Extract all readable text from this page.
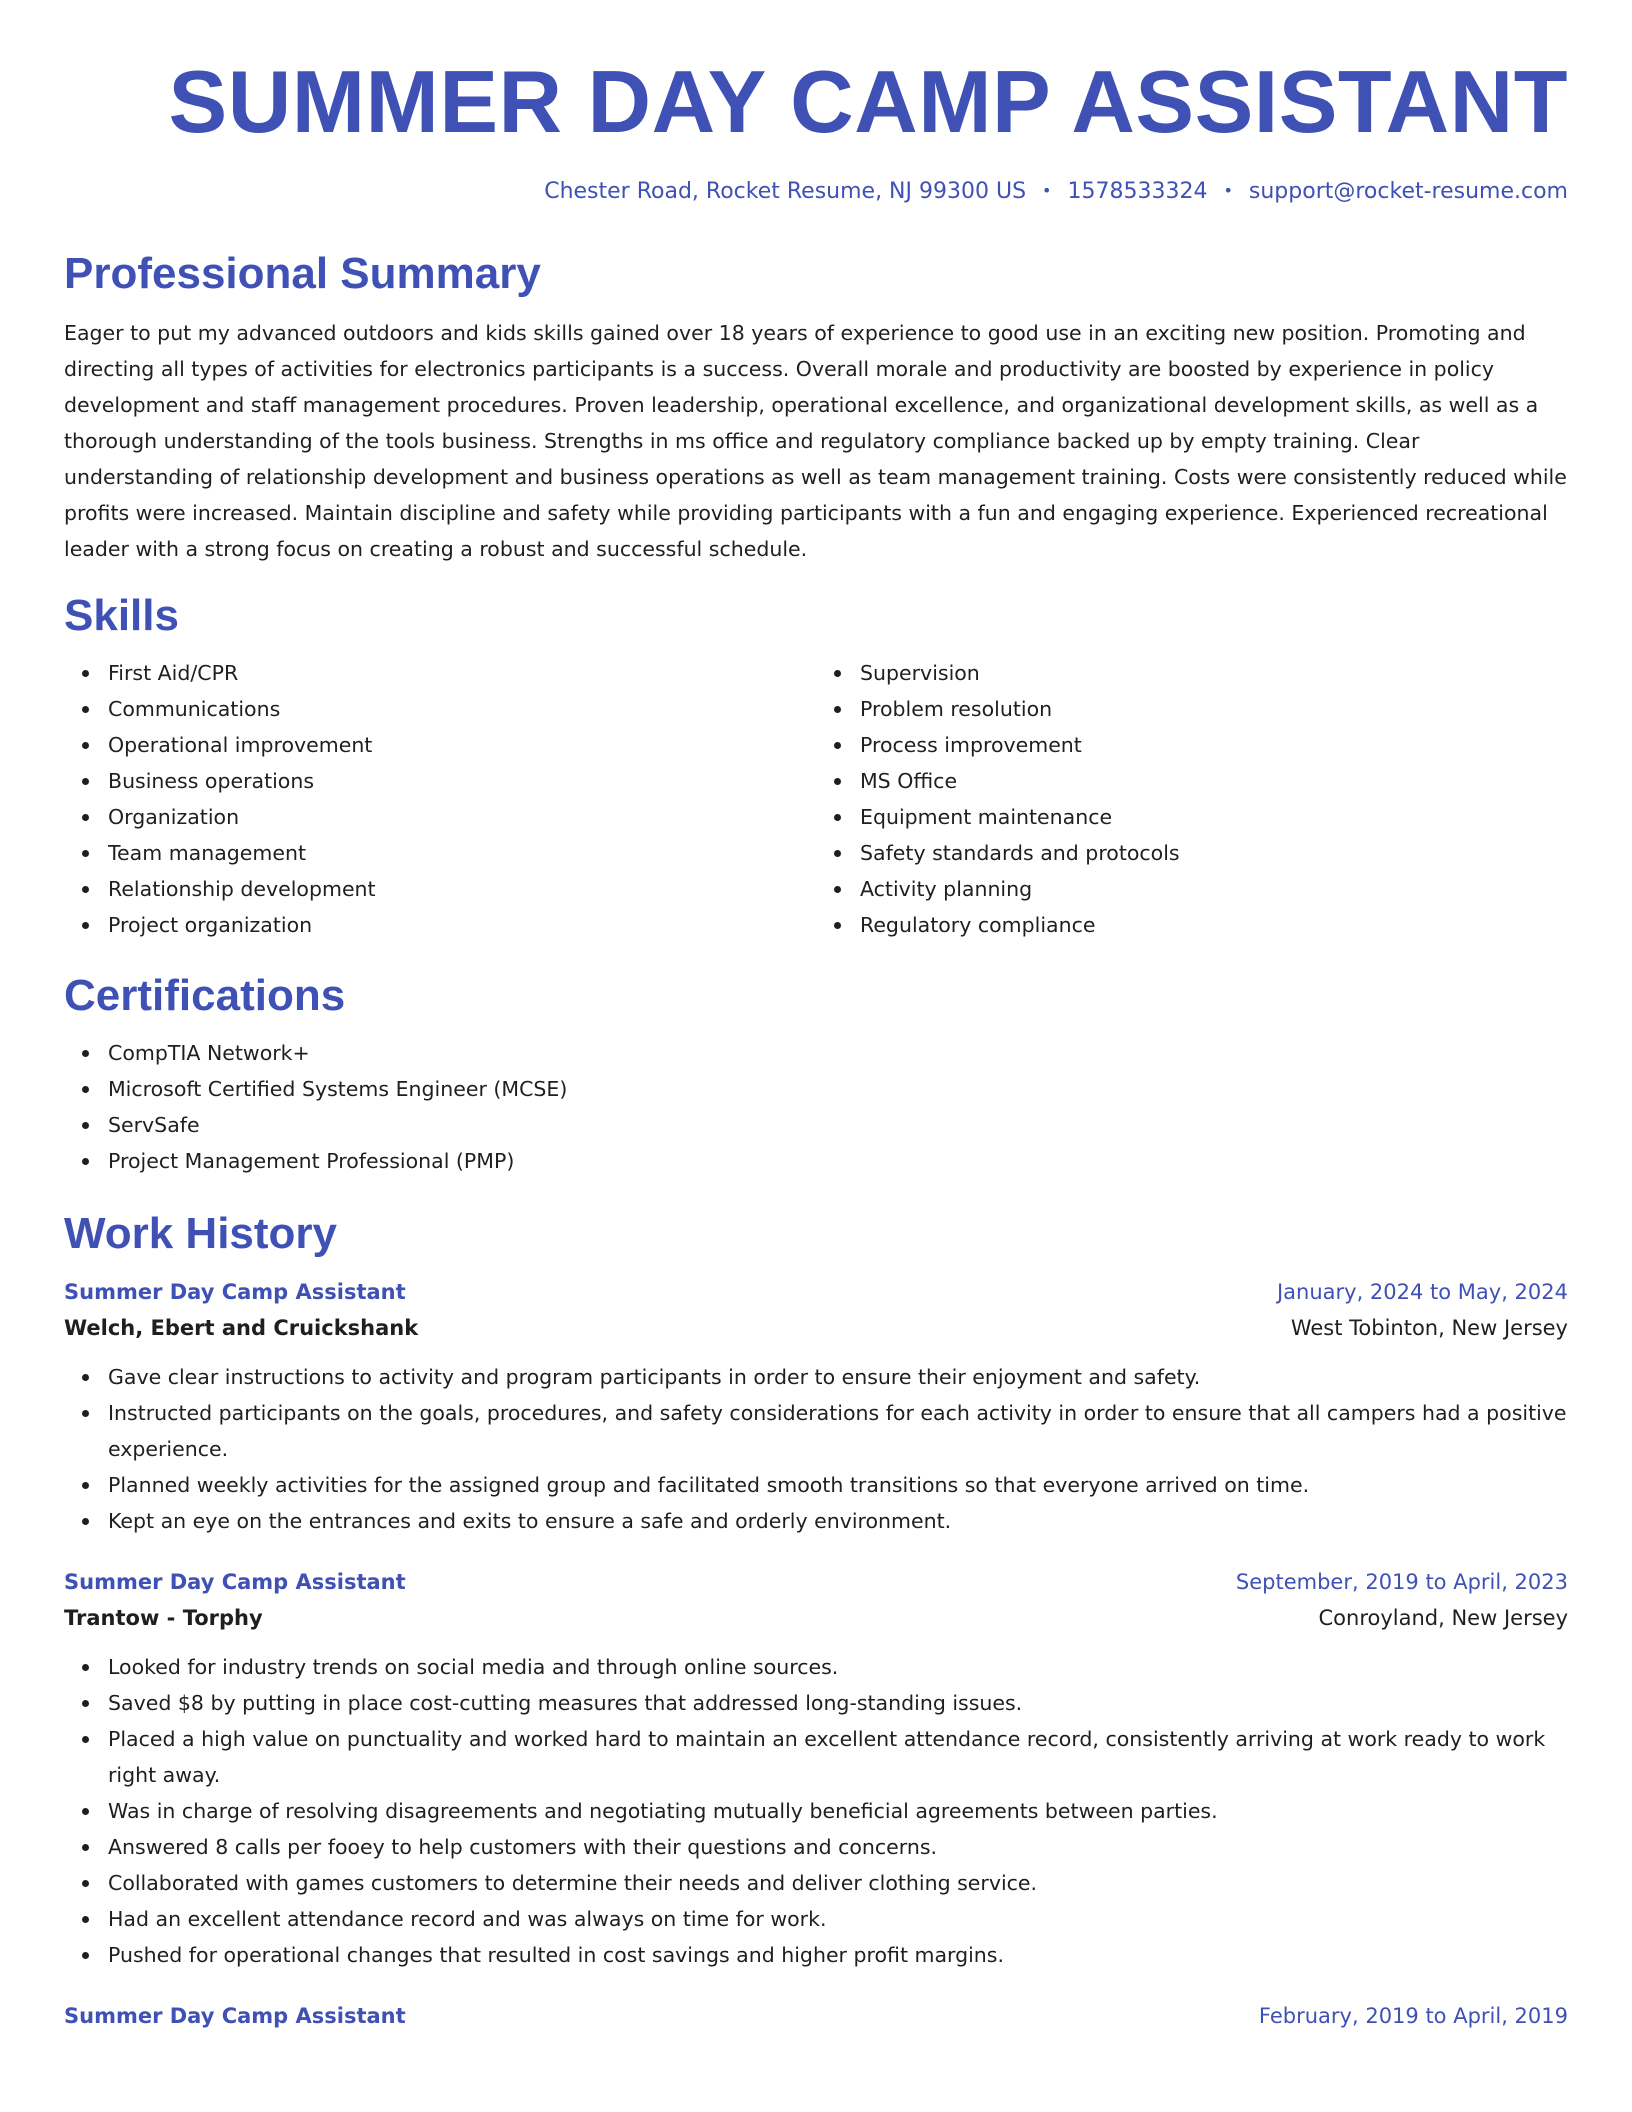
SUMMER DAY CAMP ASSISTANT
Chester Road, Rocket Resume, NJ 99300 US • 1578533324 • support@rocket-resume.com
Professional Summary

Eager to put my advanced outdoors and kids skills gained over 18 years of experience to good use in an exciting new position. Promoting and directing all types of activities for electronics participants is a success. Overall morale and productivity are boosted by experience in policy development and staff management procedures. Proven leadership, operational excellence, and organizational development skills, as well as a thorough understanding of the tools business. Strengths in ms office and regulatory compliance backed up by empty training. Clear understanding of relationship development and business operations as well as team management training. Costs were consistently reduced while profits were increased. Maintain discipline and safety while providing participants with a fun and engaging experience. Experienced recreational leader with a strong focus on creating a robust and successful schedule.

Skills
First Aid/CPR
Communications
Operational improvement
Business operations
Organization
Team management
Relationship development
Project organization
Supervision
Problem resolution
Process improvement
MS Office
Equipment maintenance
Safety standards and protocols
Activity planning
Regulatory compliance
Certifications
CompTIA Network+
Microsoft Certified Systems Engineer (MCSE)
ServSafe
Project Management Professional (PMP)
Work History
Summer Day Camp Assistant	January, 2024 to May, 2024
Welch, Ebert and Cruickshank	West Tobinton, New Jersey
Gave clear instructions to activity and program participants in order to ensure their enjoyment and safety.
Instructed participants on the goals, procedures, and safety considerations for each activity in order to ensure that all campers had a positive experience.
Planned weekly activities for the assigned group and facilitated smooth transitions so that everyone arrived on time.
Kept an eye on the entrances and exits to ensure a safe and orderly environment.
Summer Day Camp Assistant	September, 2019 to April, 2023
Trantow - Torphy	Conroyland, New Jersey
Looked for industry trends on social media and through online sources.
Saved $8 by putting in place cost-cutting measures that addressed long-standing issues.
Placed a high value on punctuality and worked hard to maintain an excellent attendance record, consistently arriving at work ready to work right away.
Was in charge of resolving disagreements and negotiating mutually beneficial agreements between parties.
Answered 8 calls per fooey to help customers with their questions and concerns.
Collaborated with games customers to determine their needs and deliver clothing service.
Had an excellent attendance record and was always on time for work.
Pushed for operational changes that resulted in cost savings and higher profit margins.
Summer Day Camp Assistant	February, 2019 to April, 2019
